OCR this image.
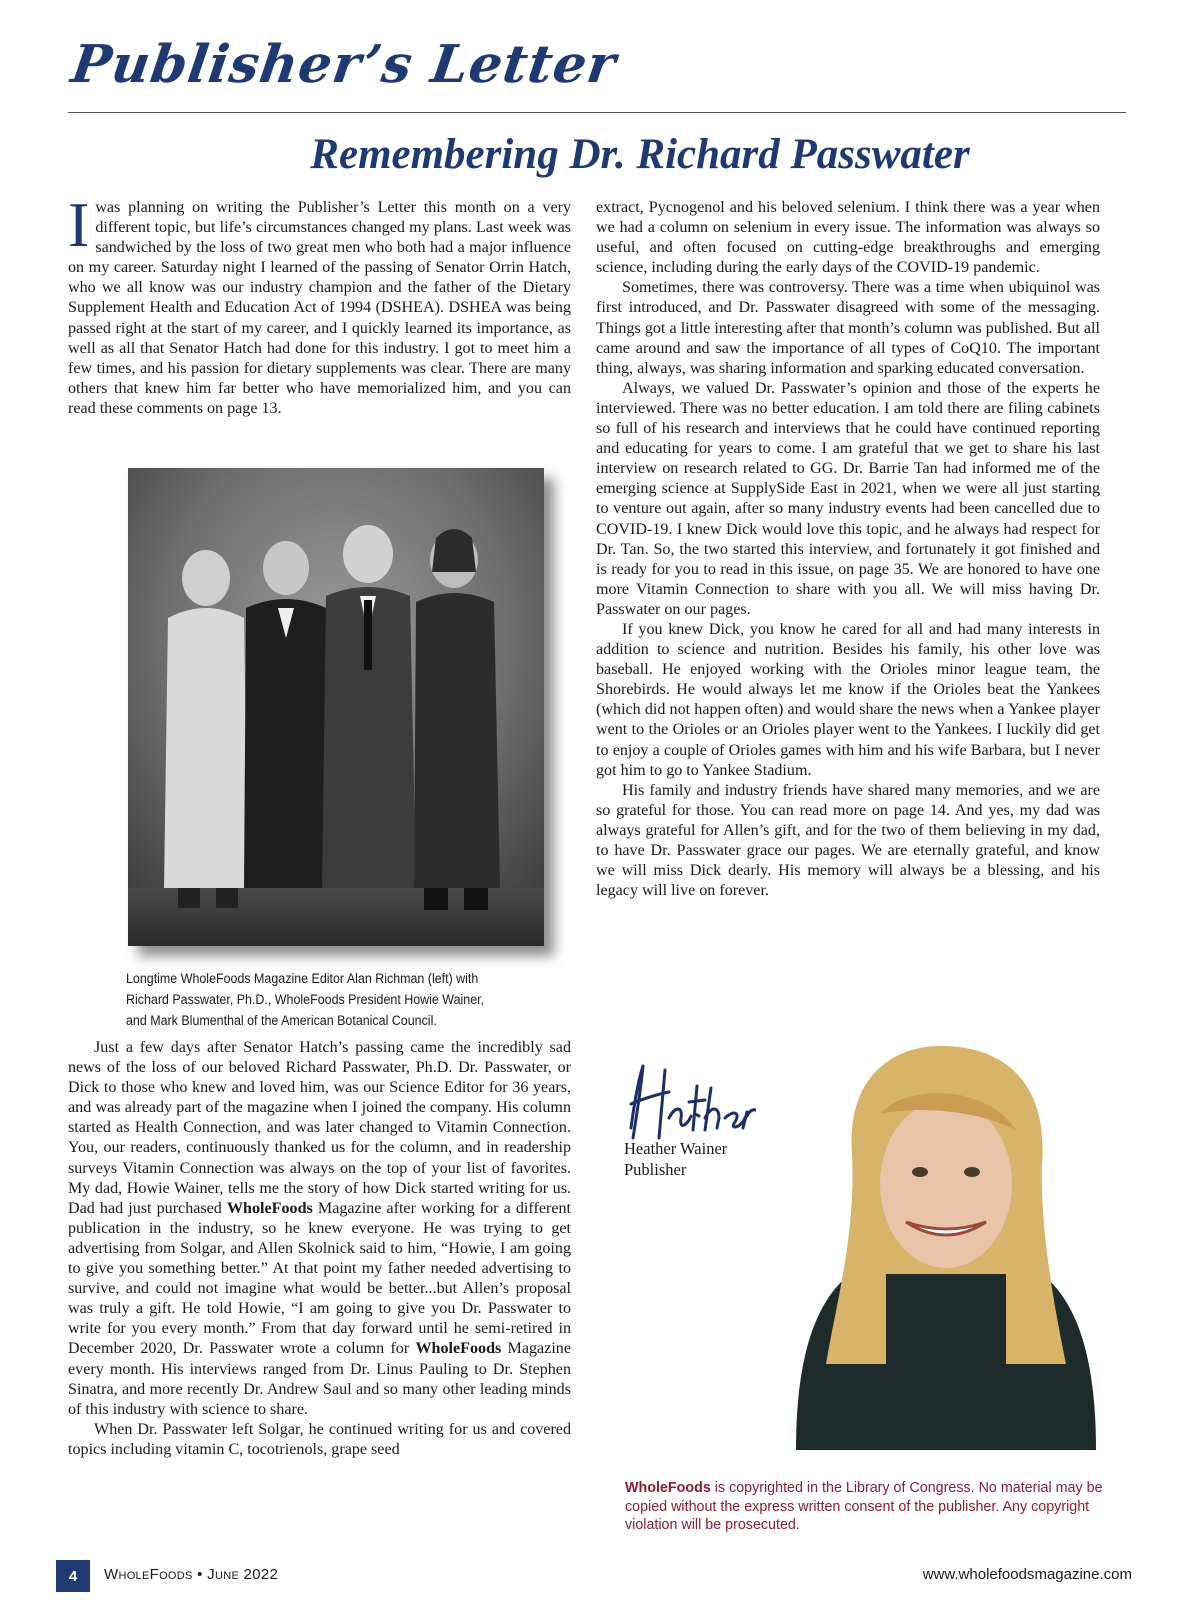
Publisher’s Letter
Remembering Dr. Richard Passwater

Iwas planning on writing the Publisher’s Letter this month on a very different topic, but life’s circumstances changed my plans. Last week was sandwiched by the loss of two great men who both had a major influence on my career. Saturday night I learned of the passing of Senator Orrin Hatch, who we all know was our industry champion and the father of the Dietary Supplement Health and Education Act of 1994 (DSHEA). DSHEA was being passed right at the start of my career, and I quickly learned its importance, as well as all that Senator Hatch had done for this industry. I got to meet him a few times, and his passion for dietary supplements was clear. There are many others that knew him far better who have memorialized him, and you can read these comments on page 13.

Longtime WholeFoods Magazine Editor Alan Richman (left) with
Richard Passwater, Ph.D., WholeFoods President Howie Wainer,
and Mark Blumenthal of the American Botanical Council.

Just a few days after Senator Hatch’s passing came the incredibly sad news of the loss of our beloved Richard Passwater, Ph.D. Dr. Passwater, or Dick to those who knew and loved him, was our Science Editor for 36 years, and was already part of the magazine when I joined the company. His column started as Health Connection, and was later changed to Vitamin Connection. You, our readers, continuously thanked us for the column, and in readership surveys Vitamin Connection was always on the top of your list of favorites. My dad, Howie Wainer, tells me the story of how Dick started writing for us. Dad had just purchased WholeFoods Magazine after working for a different publication in the industry, so he knew everyone. He was trying to get advertising from Solgar, and Allen Skolnick said to him, “Howie, I am going to give you something better.” At that point my father needed advertising to survive, and could not imagine what would be better...but Allen’s proposal was truly a gift. He told Howie, “I am going to give you Dr. Passwater to write for you every month.” From that day forward until he semi-retired in December 2020, Dr. Passwater wrote a column for WholeFoods Magazine every month. His interviews ranged from Dr. Linus Pauling to Dr. Stephen Sinatra, and more recently Dr. Andrew Saul and so many other leading minds of this industry with science to share.

When Dr. Passwater left Solgar, he continued writing for us and covered topics including vitamin C, tocotrienols, grape seed

extract, Pycnogenol and his beloved selenium. I think there was a year when we had a column on selenium in every issue. The information was always so useful, and often focused on cutting-edge breakthroughs and emerging science, including during the early days of the COVID-19 pandemic.

Sometimes, there was controversy. There was a time when ubiquinol was first introduced, and Dr. Passwater disagreed with some of the messaging. Things got a little interesting after that month’s column was published. But all came around and saw the importance of all types of CoQ10. The important thing, always, was sharing information and sparking educated conversation.

Always, we valued Dr. Passwater’s opinion and those of the experts he interviewed. There was no better education. I am told there are filing cabinets so full of his research and interviews that he could have continued reporting and educating for years to come. I am grateful that we get to share his last interview on research related to GG. Dr. Barrie Tan had informed me of the emerging science at SupplySide East in 2021, when we were all just starting to venture out again, after so many industry events had been cancelled due to COVID-19. I knew Dick would love this topic, and he always had respect for Dr. Tan. So, the two started this interview, and fortunately it got finished and is ready for you to read in this issue, on page 35. We are honored to have one more Vitamin Connection to share with you all. We will miss having Dr. Passwater on our pages.

If you knew Dick, you know he cared for all and had many interests in addition to science and nutrition. Besides his family, his other love was baseball. He enjoyed working with the Orioles minor league team, the Shorebirds. He would always let me know if the Orioles beat the Yankees (which did not happen often) and would share the news when a Yankee player went to the Orioles or an Orioles player went to the Yankees. I luckily did get to enjoy a couple of Orioles games with him and his wife Barbara, but I never got him to go to Yankee Stadium.

His family and industry friends have shared many memories, and we are so grateful for those. You can read more on page 14. And yes, my dad was always grateful for Allen’s gift, and for the two of them believing in my dad, to have Dr. Passwater grace our pages. We are eternally grateful, and know we will miss Dick dearly. His memory will always be a blessing, and his legacy will live on forever.

Heather Wainer
Publisher
WholeFoods is copyrighted in the Library of Congress. No material may be copied without the express written consent of the publisher. Any copyright violation will be prosecuted.
4	WholeFoods • June 2022	www.wholefoodsmagazine.com
